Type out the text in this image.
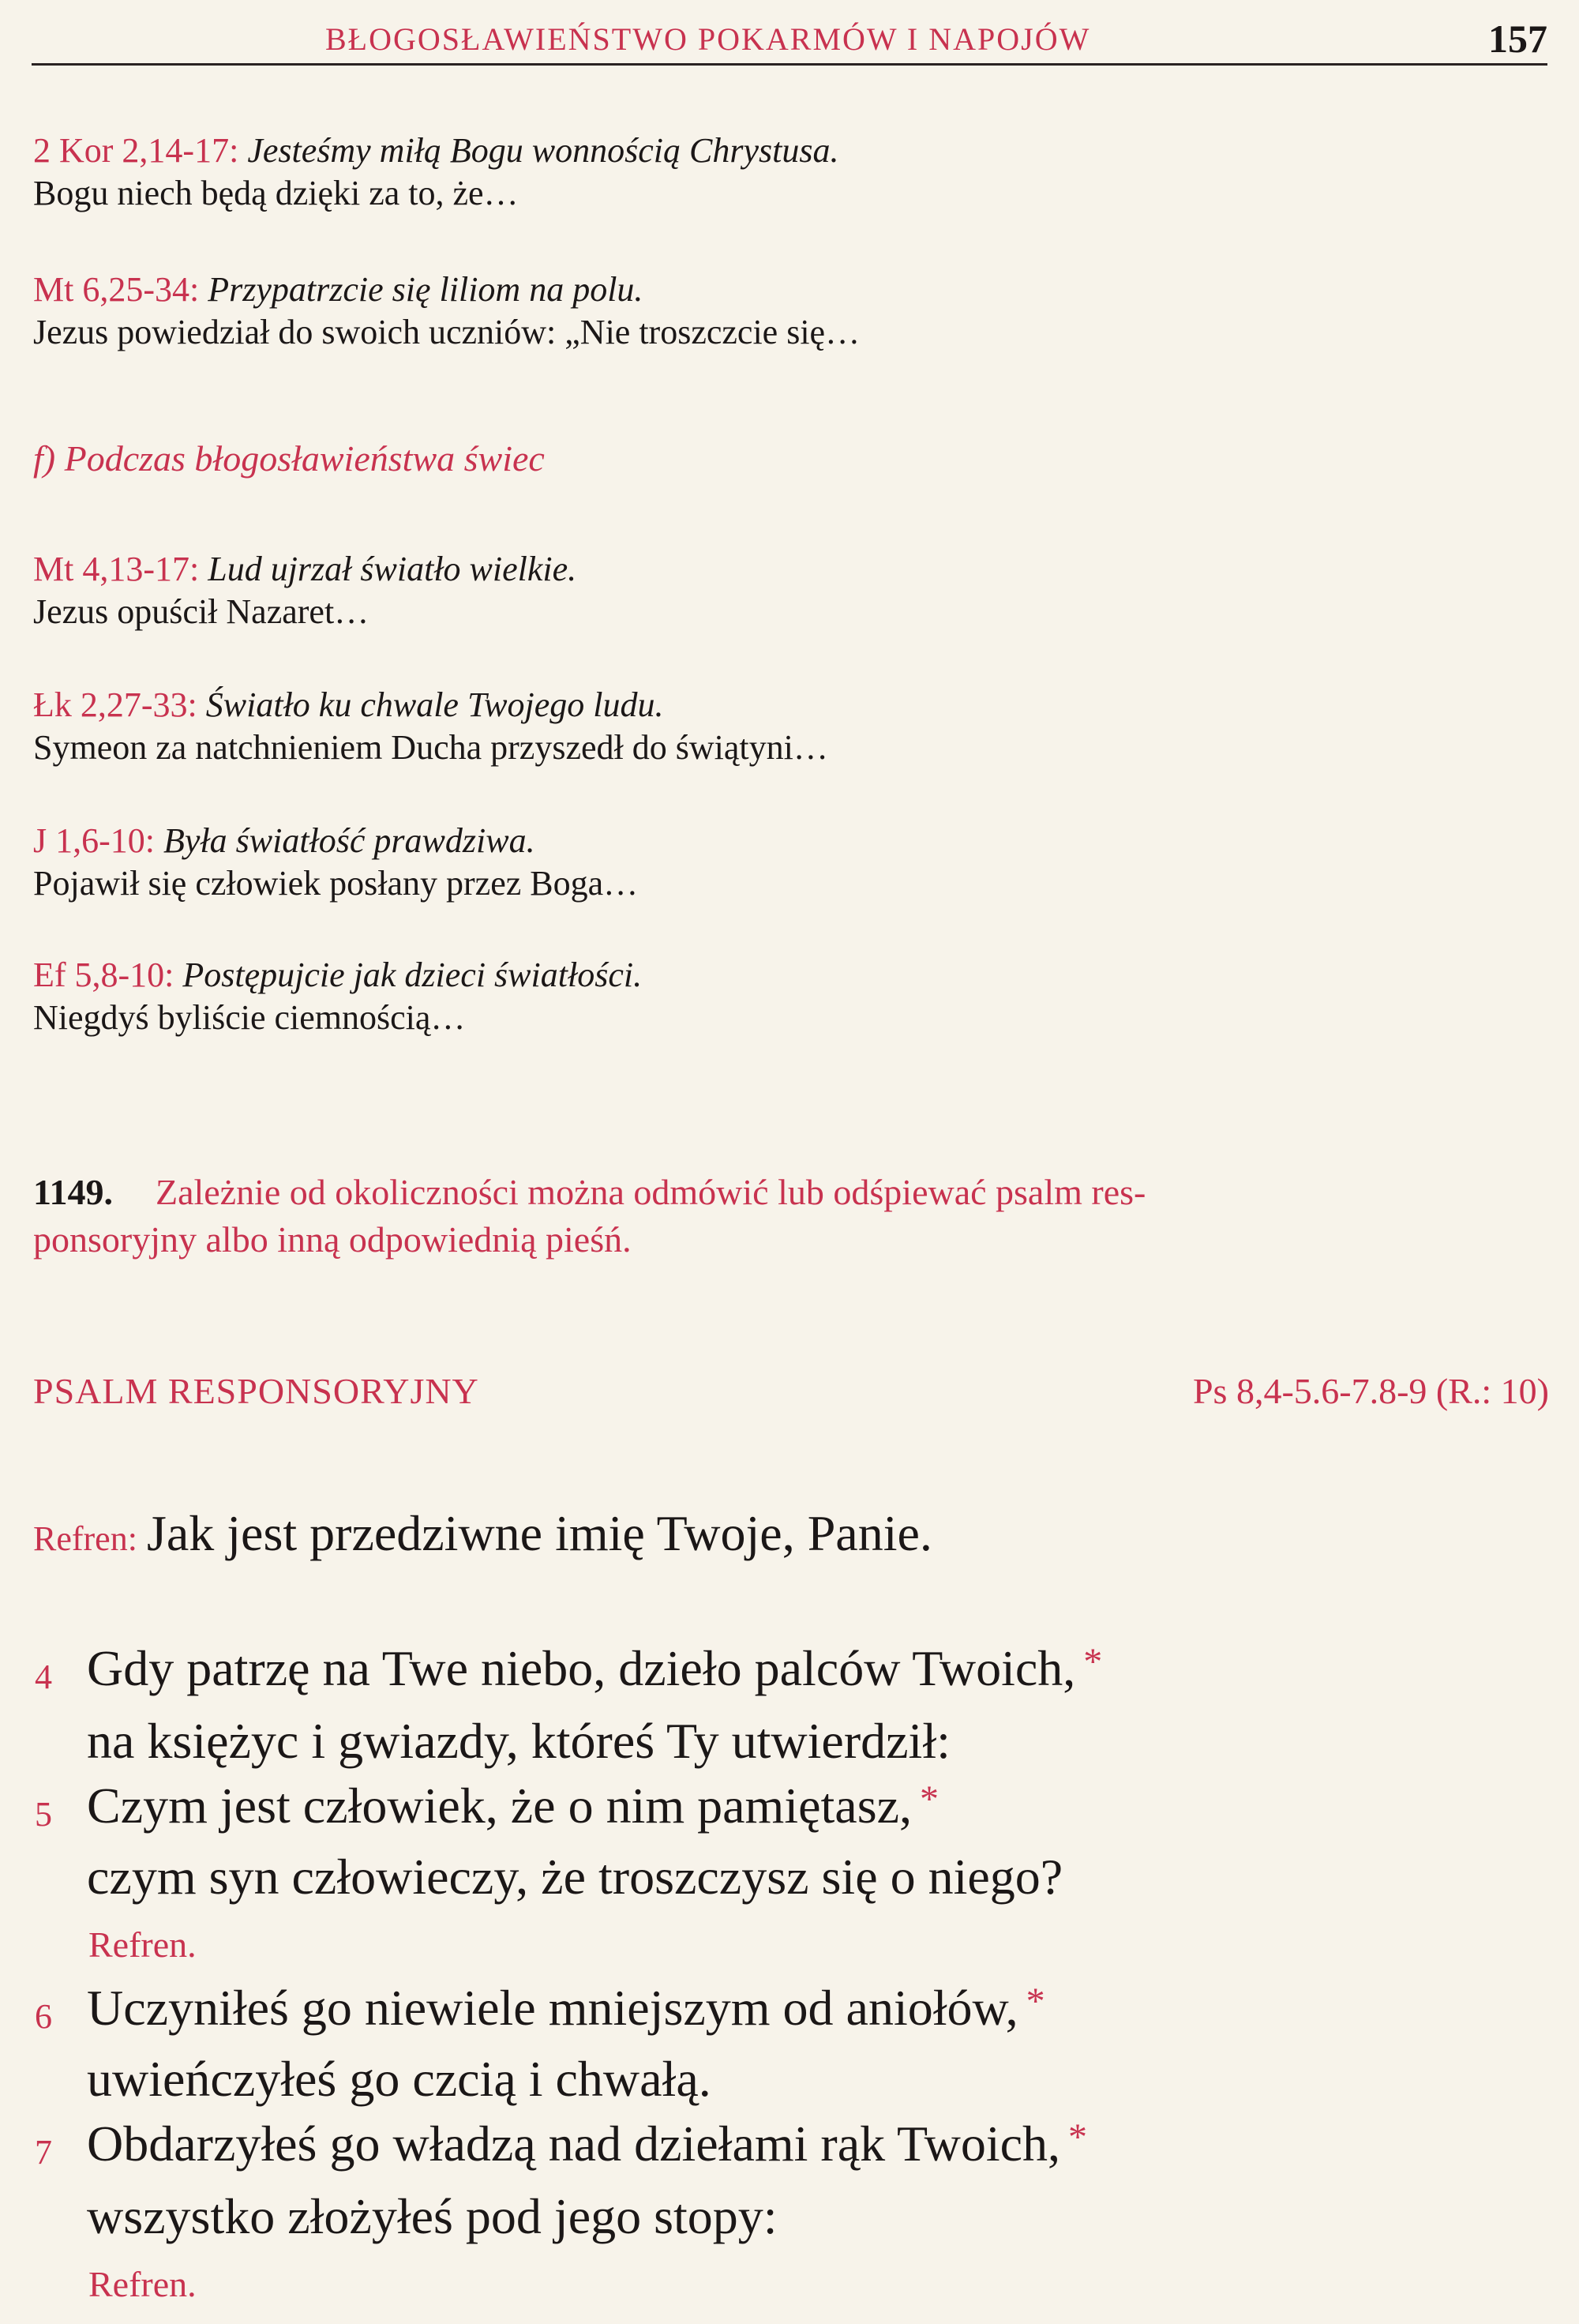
BŁOGOSŁAWIEŃSTWO POKARMÓW I NAPOJÓW	157
2 Kor 2,14-17: Jesteśmy miłą Bogu wonnością Chrystusa.
Bogu niech będą dzięki za to, że…
Mt 6,25-34: Przypatrzcie się liliom na polu.
Jezus powiedział do swoich uczniów: „Nie troszczcie się…
f) Podczas błogosławieństwa świec
Mt 4,13-17: Lud ujrzał światło wielkie.
Jezus opuścił Nazaret…
Łk 2,27-33: Światło ku chwale Twojego ludu.
Symeon za natchnieniem Ducha przyszedł do świątyni…
J 1,6-10: Była światłość prawdziwa.
Pojawił się człowiek posłany przez Boga…
Ef 5,8-10: Postępujcie jak dzieci światłości.
Niegdyś byliście ciemnością…
1149. Zależnie od okoliczności można odmówić lub odśpiewać psalm res-
ponsoryjny albo inną odpowiednią pieśń.
PSALM RESPONSORYJNY	Ps 8,4-5.6-7.8-9 (R.: 10)
Refren: Jak jest przedziwne imię Twoje, Panie.
4 Gdy patrzę na Twe niebo, dzieło palców Twoich, *
na księżyc i gwiazdy, któreś Ty utwierdził:
5 Czym jest człowiek, że o nim pamiętasz, *
czym syn człowieczy, że troszczysz się o niego?
Refren.
6 Uczyniłeś go niewiele mniejszym od aniołów, *
uwieńczyłeś go czcią i chwałą.
7 Obdarzyłeś go władzą nad dziełami rąk Twoich, *
wszystko złożyłeś pod jego stopy:
Refren.
